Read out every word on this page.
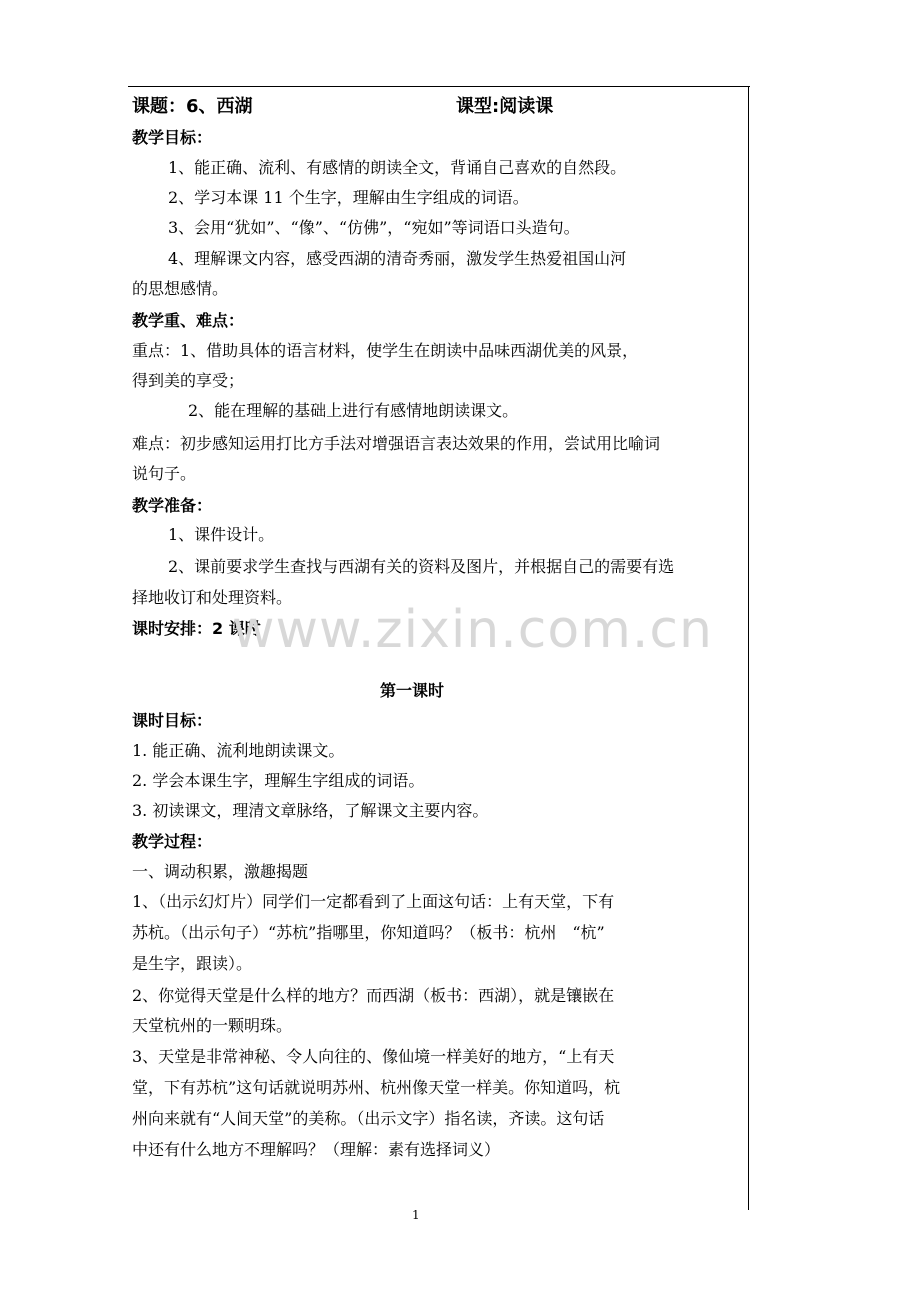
课题：6、西湖	课型:阅读课
教学目标：
1、能正确、流利、有感情的朗读全文，背诵自己喜欢的自然段。
2、学习本课 11 个生字，理解由生字组成的词语。
3、会用“犹如”、“像”、“仿佛”，“宛如”等词语口头造句。
4、理解课文内容，感受西湖的清奇秀丽，激发学生热爱祖国山河
的思想感情。
教学重、难点：
重点：1、借助具体的语言材料，使学生在朗读中品味西湖优美的风景，
得到美的享受；
2、能在理解的基础上进行有感情地朗读课文。
难点：初步感知运用打比方手法对增强语言表达效果的作用，尝试用比喻词
说句子。
教学准备：
1、课件设计。
2、课前要求学生查找与西湖有关的资料及图片，并根据自己的需要有选
择地收订和处理资料。
课时安排：2 课时
www.zixin.com.cn
第一课时
课时目标：
1. 能正确、流利地朗读课文。
2. 学会本课生字，理解生字组成的词语。
3. 初读课文，理清文章脉络，了解课文主要内容。
教学过程：
一、调动积累，激趣揭题
1、（出示幻灯片）同学们一定都看到了上面这句话：上有天堂，下有
苏杭。（出示句子）“苏杭”指哪里，你知道吗？（板书：杭州　“杭”
是生字，跟读）。
2、你觉得天堂是什么样的地方？而西湖（板书：西湖），就是镶嵌在
天堂杭州的一颗明珠。
3、天堂是非常神秘、令人向往的、像仙境一样美好的地方，“上有天
堂，下有苏杭”这句话就说明苏州、杭州像天堂一样美。你知道吗，杭
州向来就有“人间天堂”的美称。（出示文字）指名读，齐读。这句话
中还有什么地方不理解吗？（理解：素有选择词义）
1
